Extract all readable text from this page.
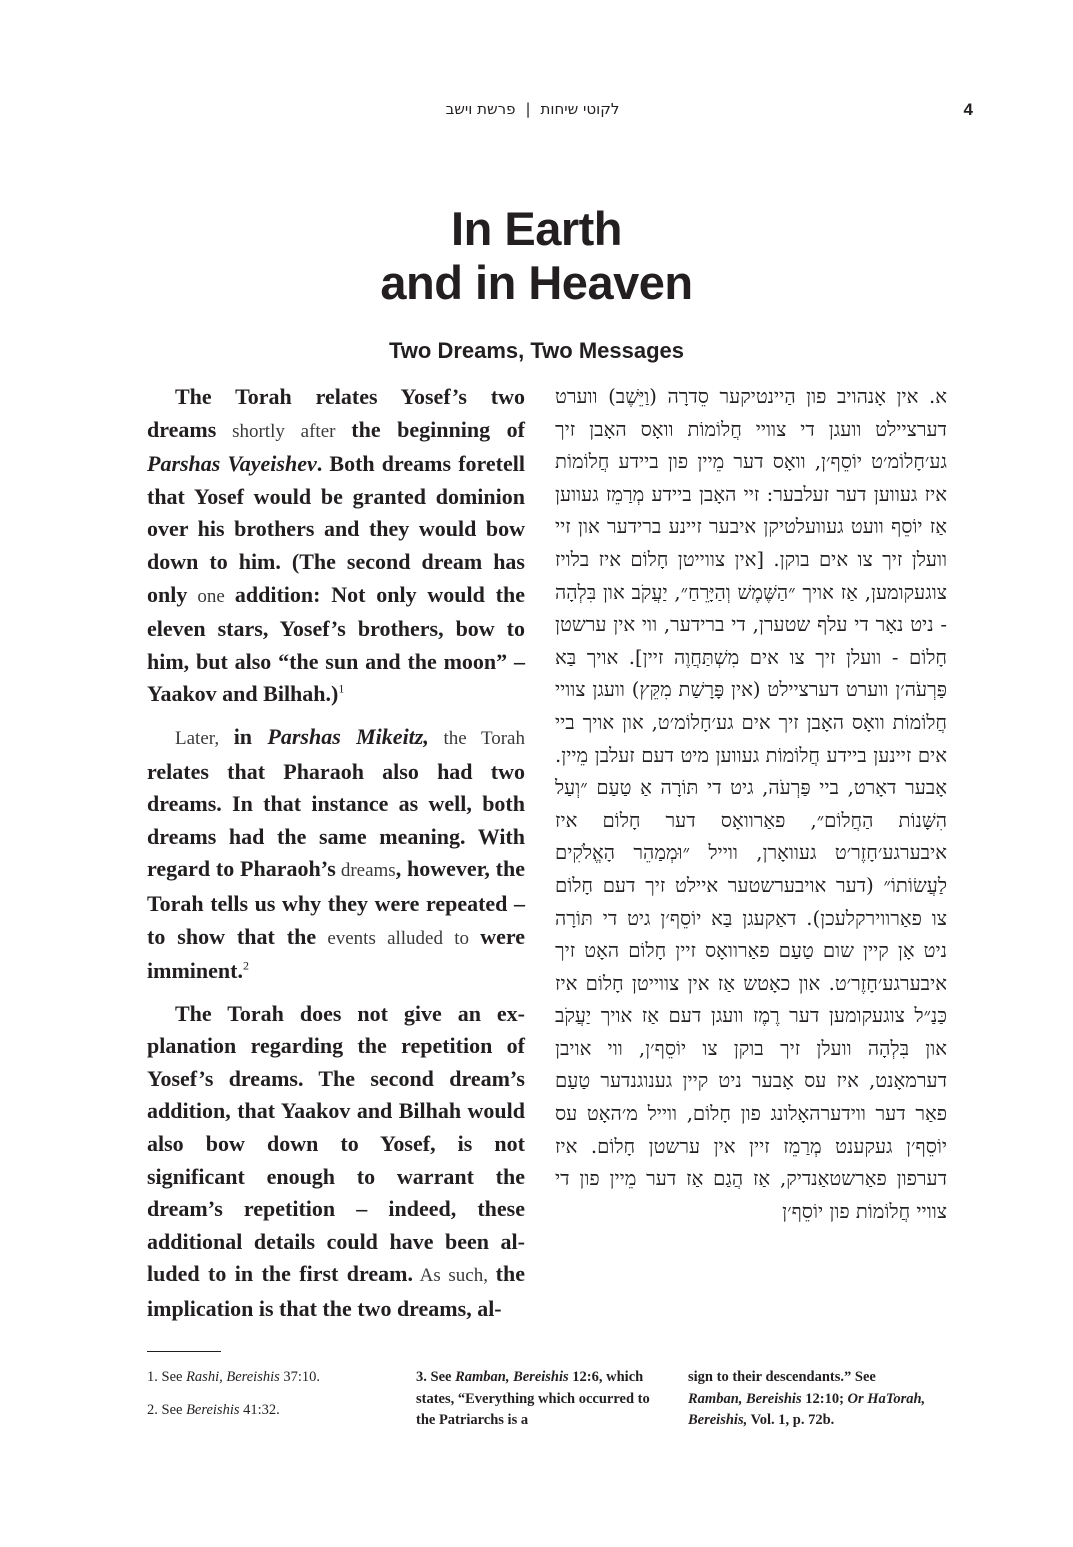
לקוטי שיחות|פרשת וישב	4
In Earth
and in Heaven
Two Dreams, Two Messages

The Torah relates Yosef’s two dreams shortly after the beginning of Parshas Vayeishev. Both dreams foretell that Yosef would be granted dominion over his brothers and they would bow down to him. (The second dream has only one addition: Not only would the eleven stars, Yosef’s brothers, bow to him, but also “the sun and the moon” – Yaakov and Bilhah.)$^1$

Later, in Parshas Mikeitz, the Torah relates that Pharaoh also had two dreams. In that instance as well, both dreams had the same meaning. With regard to Pharaoh’s dreams, however, the Torah tells us why they were repeated – to show that the events alluded to were imminent.$^2$

The Torah does not give an explanation regarding the repetition of Yosef’s dreams. The second dream’s addition, that Yaakov and Bilhah would also bow down to Yosef, is not significant enough to warrant the dream’s repetition – indeed, these additional details could have been alluded to in the first dream. As such, the implication is that the two dreams, al-

א. אין אָנהויב פון הַיינטיקער סֵדרָה (וַיֵּשֶׁב) ווערט דערציילט וועגן די צוויי חֲלוֹמוֹת וואָס האָבן זיך גע׳חָלוֹמ׳ט יוֹסֵף׳ן, וואָס דער מֵיין פון ביידע חֲלוֹמוֹת איז געווען דער זעלבער: זיי האָבן ביידע מְרַמֵז געווען אַז יוֹסֵף וועט געוועלטיקן איבער זיינע ברידער און זיי וועלן זיך צו אים בוקן. [אין צווייטן חָלוֹם איז בלויז צוגעקומען, אַז אויך ״הַשֶּׁמֶשׁ וְהַיָּרֵחַ״, יַעֲקֹב און בִּלְהָה - ניט נאָר די עלף שטערן, די ברידער, ווי אין ערשטן חָלוֹם - וועלן זיך צו אים מִשְׁתַּחֲוֶה זיין]. אויך בַּא פַּרְעֹה׳ן ווערט דערציילט (אין פָּרָשַׁת מִקֵּץ) וועגן צוויי חֲלוֹמוֹת וואָס האָבן זיך אים גע׳חָלוֹמ׳ט, און אויך ביי אים זיינען ביידע חֲלוֹמוֹת געווען מיט דעם זעלבן מֵיין. אָבער דאָרט, ביי פַּרְעֹה, גיט די תּוֹרָה אַ טַעַם ״וְעַל הִשָּׁנוֹת הַחֲלוֹם״, פאַרוואָס דער חָלוֹם איז איבערגע׳חָזֶר׳ט געוואָרן, ווייל ״וּמְמַהֵר הָאֱלֹקִים לַעֲשׂוֹתוֹ״ (דער אויבערשטער איילט זיך דעם חָלוֹם צו פאַרווירקלעכן). דאַקעגן בַּא יוֹסֵף׳ן גיט די תּוֹרָה ניט אָן קיין שום טַעַם פאַרוואָס זיין חָלוֹם האָט זיך איבערגע׳חָזֶר׳ט. און כאָטש אַז אין צווייטן חָלוֹם איז כַּנַ״ל צוגעקומען דער רֶמֶז וועגן דעם אַז אויך יַעֲקֹב און בִּלְהָה וועלן זיך בוקן צו יוֹסֵף׳ן, ווי אויבן דערמאָנט, איז עס אָבער ניט קיין גענוגנדער טַעַם פאַר דער ווידערהאָלונג פון חָלוֹם, ווייל מ׳האָט עס יוֹסֵף׳ן געקענט מְרַמֵז זיין אין ערשטן חָלוֹם. איז דערפון פאַרשטאַנדיק, אַז הֲגַם אַז דער מֵיין פון די צוויי חֲלוֹמוֹת פון יוֹסֵף׳ן

1. See Rashi, Bereishis 37:10.
2. See Bereishis 41:32.
3. See Ramban, Bereishis 12:6, which states, “Everything which occurred to the Patriarchs is a
sign to their descendants.” See Ramban, Bereishis 12:10; Or HaTorah, Bereishis, Vol. 1, p. 72b.
